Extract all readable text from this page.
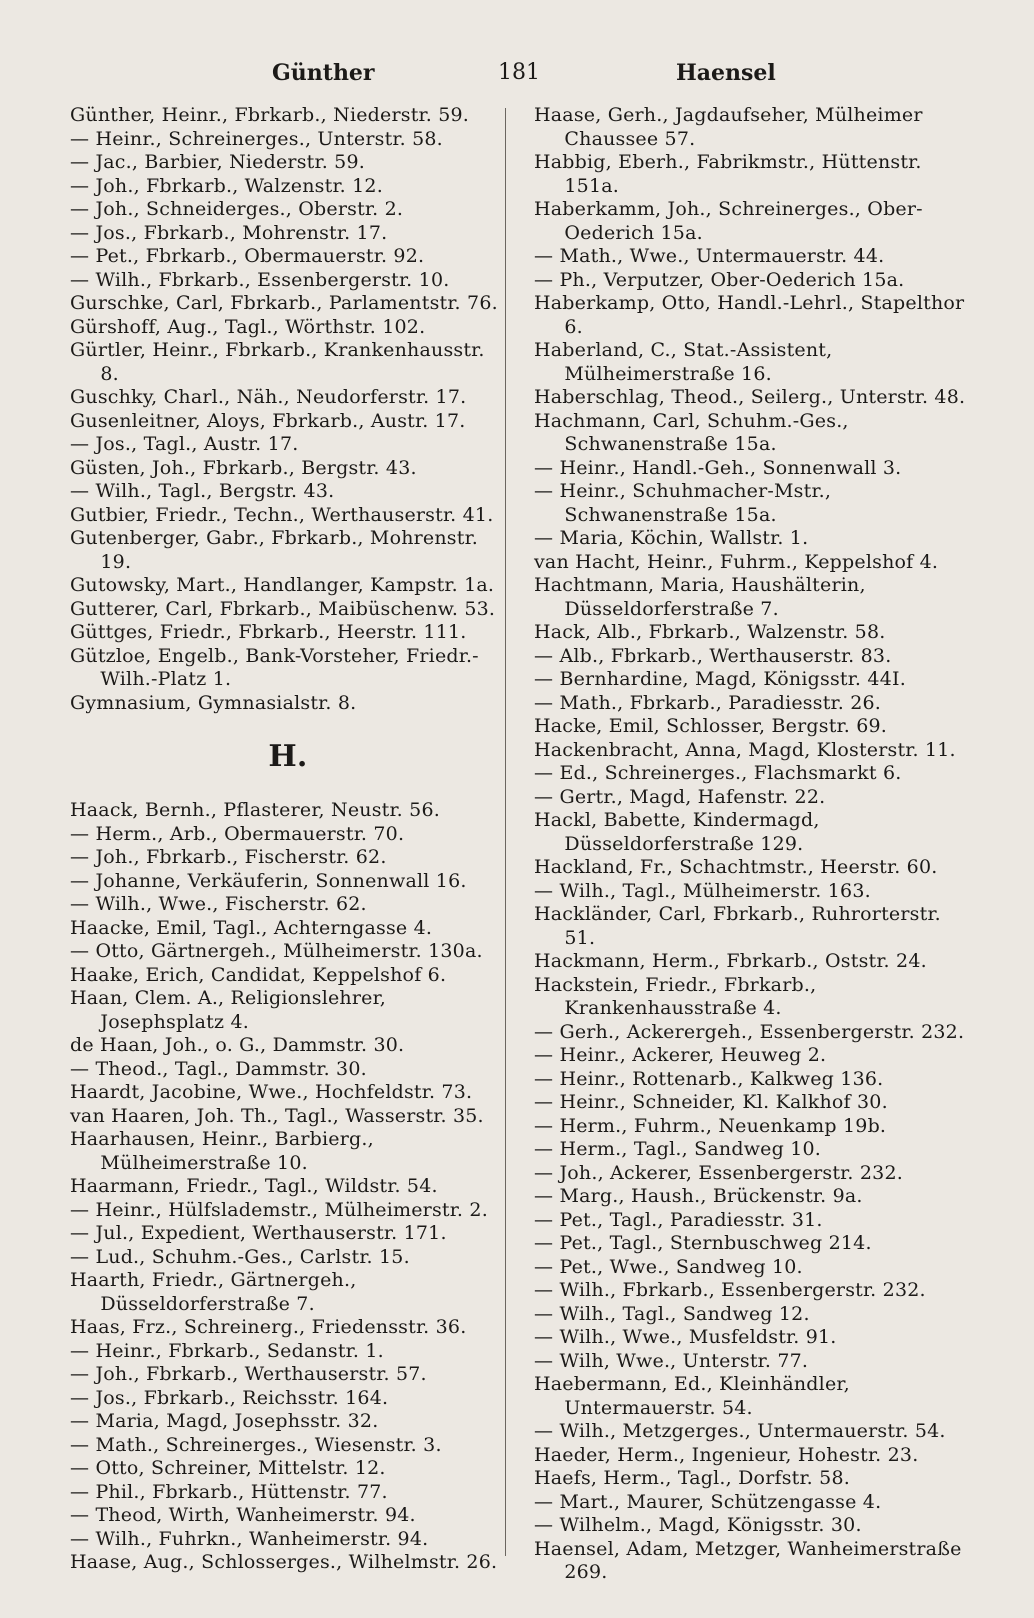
Günther	181	Haensel

Günther, Heinr., Fbrkarb., Niederstr. 59.

— Heinr., Schreinerges., Unterstr. 58.

— Jac., Barbier, Niederstr. 59.

— Joh., Fbrkarb., Walzenstr. 12.

— Joh., Schneiderges., Oberstr. 2.

— Jos., Fbrkarb., Mohrenstr. 17.

— Pet., Fbrkarb., Obermauerstr. 92.

— Wilh., Fbrkarb., Essenbergerstr. 10.

Gurschke, Carl, Fbrkarb., Parlamentstr. 76.

Gürshoff, Aug., Tagl., Wörthstr. 102.

Gürtler, Heinr., Fbrkarb., Krankenhausstr. 8.

Guschky, Charl., Näh., Neudorferstr. 17.

Gusenleitner, Aloys, Fbrkarb., Austr. 17.

— Jos., Tagl., Austr. 17.

Güsten, Joh., Fbrkarb., Bergstr. 43.

— Wilh., Tagl., Bergstr. 43.

Gutbier, Friedr., Techn., Werthauserstr. 41.

Gutenberger, Gabr., Fbrkarb., Mohrenstr. 19.

Gutowsky, Mart., Handlanger, Kampstr. 1a.

Gutterer, Carl, Fbrkarb., Maibüschenw. 53.

Güttges, Friedr., Fbrkarb., Heerstr. 111.

Gützloe, Engelb., Bank-Vorsteher, Friedr.-Wilh.-Platz 1.

Gymnasium, Gymnasialstr. 8.

H.

Haack, Bernh., Pflasterer, Neustr. 56.

— Herm., Arb., Obermauerstr. 70.

— Joh., Fbrkarb., Fischerstr. 62.

— Johanne, Verkäuferin, Sonnenwall 16.

— Wilh., Wwe., Fischerstr. 62.

Haacke, Emil, Tagl., Achterngasse 4.

— Otto, Gärtnergeh., Mülheimerstr. 130a.

Haake, Erich, Candidat, Keppelshof 6.

Haan, Clem. A., Religionslehrer, Josephsplatz 4.

de Haan, Joh., o. G., Dammstr. 30.

— Theod., Tagl., Dammstr. 30.

Haardt, Jacobine, Wwe., Hochfeldstr. 73.

van Haaren, Joh. Th., Tagl., Wasserstr. 35.

Haarhausen, Heinr., Barbierg., Mülheimerstraße 10.

Haarmann, Friedr., Tagl., Wildstr. 54.

— Heinr., Hülfslademstr., Mülheimerstr. 2.

— Jul., Expedient, Werthauserstr. 171.

— Lud., Schuhm.-Ges., Carlstr. 15.

Haarth, Friedr., Gärtnergeh., Düsseldorferstraße 7.

Haas, Frz., Schreinerg., Friedensstr. 36.

— Heinr., Fbrkarb., Sedanstr. 1.

— Joh., Fbrkarb., Werthauserstr. 57.

— Jos., Fbrkarb., Reichsstr. 164.

— Maria, Magd, Josephsstr. 32.

— Math., Schreinerges., Wiesenstr. 3.

— Otto, Schreiner, Mittelstr. 12.

— Phil., Fbrkarb., Hüttenstr. 77.

— Theod, Wirth, Wanheimerstr. 94.

— Wilh., Fuhrkn., Wanheimerstr. 94.

Haase, Aug., Schlosserges., Wilhelmstr. 26.

Haase, Gerh., Jagdaufseher, Mülheimer Chaussee 57.

Habbig, Eberh., Fabrikmstr., Hüttenstr. 151a.

Haberkamm, Joh., Schreinerges., Ober-Oederich 15a.

— Math., Wwe., Untermauerstr. 44.

— Ph., Verputzer, Ober-Oederich 15a.

Haberkamp, Otto, Handl.-Lehrl., Stapelthor 6.

Haberland, C., Stat.-Assistent, Mülheimerstraße 16.

Haberschlag, Theod., Seilerg., Unterstr. 48.

Hachmann, Carl, Schuhm.-Ges., Schwanenstraße 15a.

— Heinr., Handl.-Geh., Sonnenwall 3.

— Heinr., Schuhmacher-Mstr., Schwanenstraße 15a.

— Maria, Köchin, Wallstr. 1.

van Hacht, Heinr., Fuhrm., Keppelshof 4.

Hachtmann, Maria, Haushälterin, Düsseldorferstraße 7.

Hack, Alb., Fbrkarb., Walzenstr. 58.

— Alb., Fbrkarb., Werthauserstr. 83.

— Bernhardine, Magd, Königsstr. 44I.

— Math., Fbrkarb., Paradiesstr. 26.

Hacke, Emil, Schlosser, Bergstr. 69.

Hackenbracht, Anna, Magd, Klosterstr. 11.

— Ed., Schreinerges., Flachsmarkt 6.

— Gertr., Magd, Hafenstr. 22.

Hackl, Babette, Kindermagd, Düsseldorferstraße 129.

Hackland, Fr., Schachtmstr., Heerstr. 60.

— Wilh., Tagl., Mülheimerstr. 163.

Hackländer, Carl, Fbrkarb., Ruhrorterstr. 51.

Hackmann, Herm., Fbrkarb., Oststr. 24.

Hackstein, Friedr., Fbrkarb., Krankenhausstraße 4.

— Gerh., Ackerergeh., Essenbergerstr. 232.

— Heinr., Ackerer, Heuweg 2.

— Heinr., Rottenarb., Kalkweg 136.

— Heinr., Schneider, Kl. Kalkhof 30.

— Herm., Fuhrm., Neuenkamp 19b.

— Herm., Tagl., Sandweg 10.

— Joh., Ackerer, Essenbergerstr. 232.

— Marg., Haush., Brückenstr. 9a.

— Pet., Tagl., Paradiesstr. 31.

— Pet., Tagl., Sternbuschweg 214.

— Pet., Wwe., Sandweg 10.

— Wilh., Fbrkarb., Essenbergerstr. 232.

— Wilh., Tagl., Sandweg 12.

— Wilh., Wwe., Musfeldstr. 91.

— Wilh, Wwe., Unterstr. 77.

Haebermann, Ed., Kleinhändler, Untermauerstr. 54.

— Wilh., Metzgerges., Untermauerstr. 54.

Haeder, Herm., Ingenieur, Hohestr. 23.

Haefs, Herm., Tagl., Dorfstr. 58.

— Mart., Maurer, Schützengasse 4.

— Wilhelm., Magd, Königsstr. 30.

Haensel, Adam, Metzger, Wanheimerstraße 269.
